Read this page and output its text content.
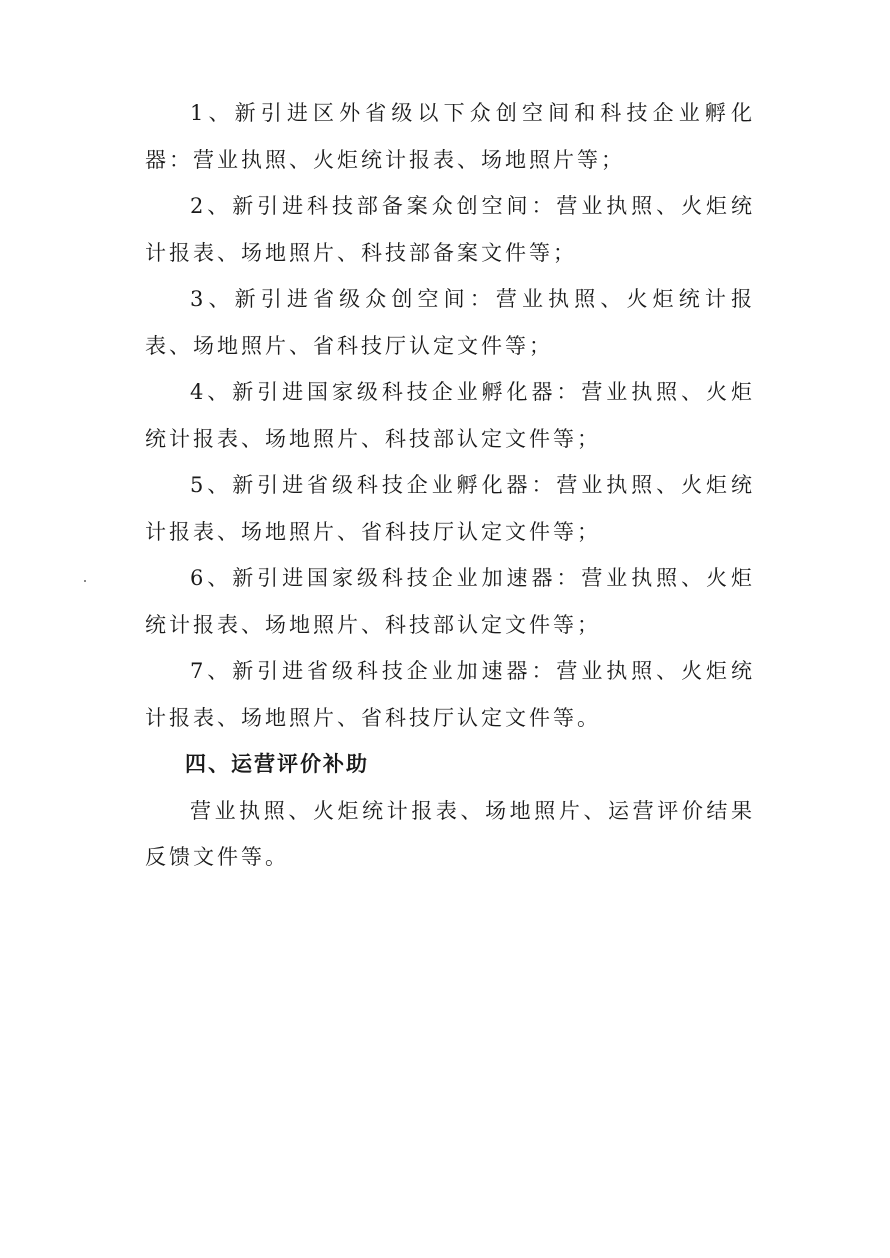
1、新引进区外省级以下众创空间和科技企业孵化器：营业执照、火炬统计报表、场地照片等；

2、新引进科技部备案众创空间：营业执照、火炬统计报表、场地照片、科技部备案文件等；

3、新引进省级众创空间：营业执照、火炬统计报表、场地照片、省科技厅认定文件等；

4、新引进国家级科技企业孵化器：营业执照、火炬统计报表、场地照片、科技部认定文件等；

5、新引进省级科技企业孵化器：营业执照、火炬统计报表、场地照片、省科技厅认定文件等；

6、新引进国家级科技企业加速器：营业执照、火炬统计报表、场地照片、科技部认定文件等；

7、新引进省级科技企业加速器：营业执照、火炬统计报表、场地照片、省科技厅认定文件等。

四、运营评价补助

营业执照、火炬统计报表、场地照片、运营评价结果反馈文件等。
